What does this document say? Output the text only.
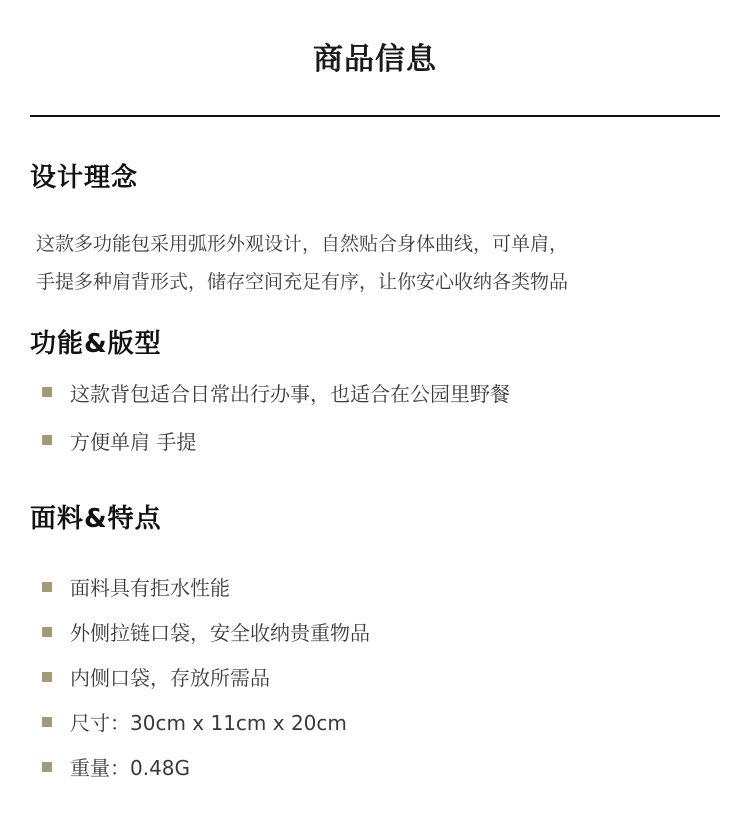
商品信息
设计理念
这款多功能包采用弧形外观设计，自然贴合身体曲线，可单肩，
手提多种肩背形式，储存空间充足有序，让你安心收纳各类物品
功能&版型
这款背包适合日常出行办事，也适合在公园里野餐
方便单肩 手提
面料&特点
面料具有拒水性能
外侧拉链口袋，安全收纳贵重物品
内侧口袋，存放所需品
尺寸：30cm x 11cm x 20cm
重量：0.48G
